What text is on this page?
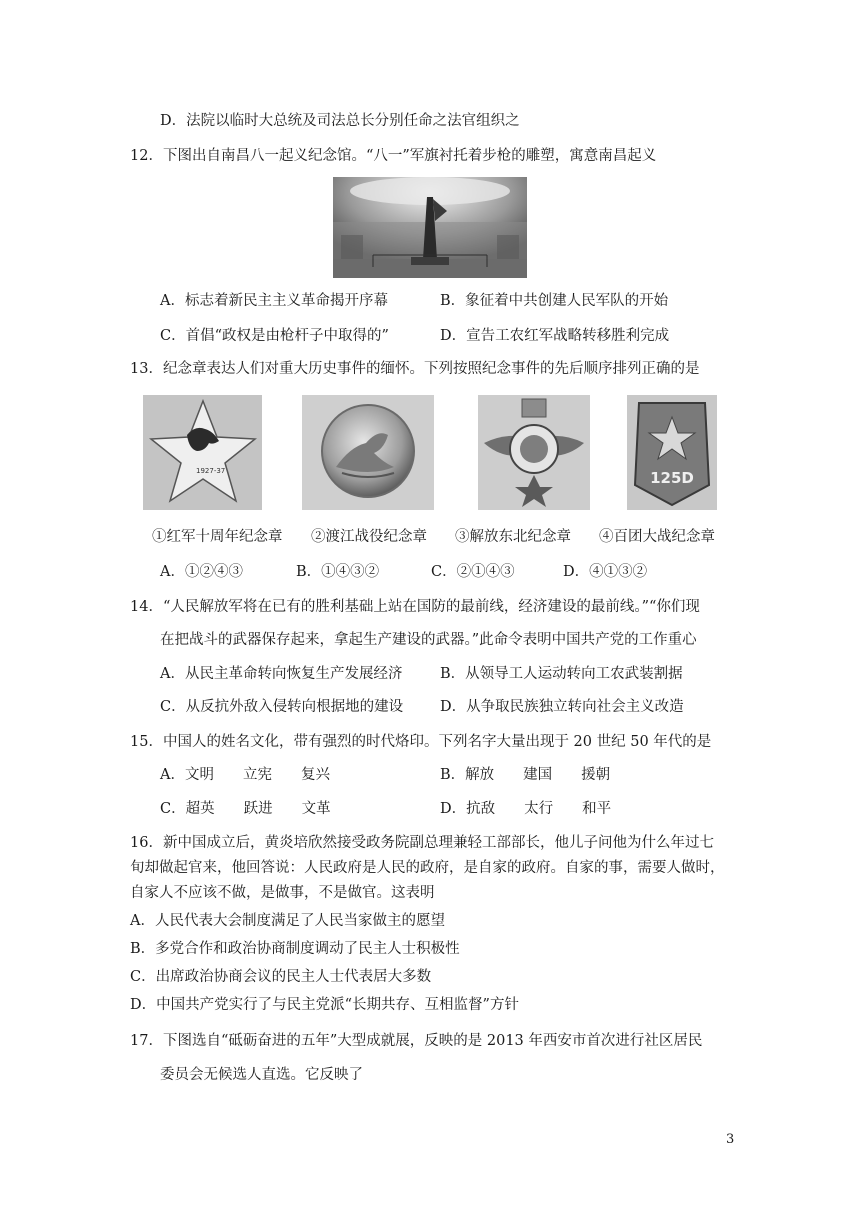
D．法院以临时大总统及司法总长分别任命之法官组织之
12．下图出自南昌八一起义纪念馆。“八一”军旗衬托着步枪的雕塑，寓意南昌起义
A．标志着新民主主义革命揭开序幕	B．象征着中共创建人民军队的开始
C．首倡“政权是由枪杆子中取得的”	D．宣告工农红军战略转移胜利完成
13．纪念章表达人们对重大历史事件的缅怀。下列按照纪念事件的先后顺序排列正确的是
1927-37	125D
①红军十周年纪念章 ②渡江战役纪念章 ③解放东北纪念章 ④百团大战纪念章
A．①②④③	B．①④③②	C．②①④③	D．④①③②
14．“人民解放军将在已有的胜利基础上站在国防的最前线，经济建设的最前线。”“你们现
在把战斗的武器保存起来，拿起生产建设的武器。”此命令表明中国共产党的工作重心
A．从民主革命转向恢复生产发展经济	B．从领导工人运动转向工农武装割据
C．从反抗外敌入侵转向根据地的建设	D．从争取民族独立转向社会主义改造
15．中国人的姓名文化，带有强烈的时代烙印。下列名字大量出现于 20 世纪 50 年代的是
A．文明　　立宪　　复兴	B．解放　　建国　　援朝
C．超英　　跃进　　文革	D．抗敌　　太行　　和平
16．新中国成立后，黄炎培欣然接受政务院副总理兼轻工部部长，他儿子问他为什么年过七
旬却做起官来，他回答说：人民政府是人民的政府，是自家的政府。自家的事，需要人做时，
自家人不应该不做，是做事，不是做官。这表明
A．人民代表大会制度满足了人民当家做主的愿望
B．多党合作和政治协商制度调动了民主人士积极性
C．出席政治协商会议的民主人士代表居大多数
D．中国共产党实行了与民主党派“长期共存、互相监督”方针
17．下图选自“砥砺奋进的五年”大型成就展，反映的是 2013 年西安市首次进行社区居民
委员会无候选人直选。它反映了
3
